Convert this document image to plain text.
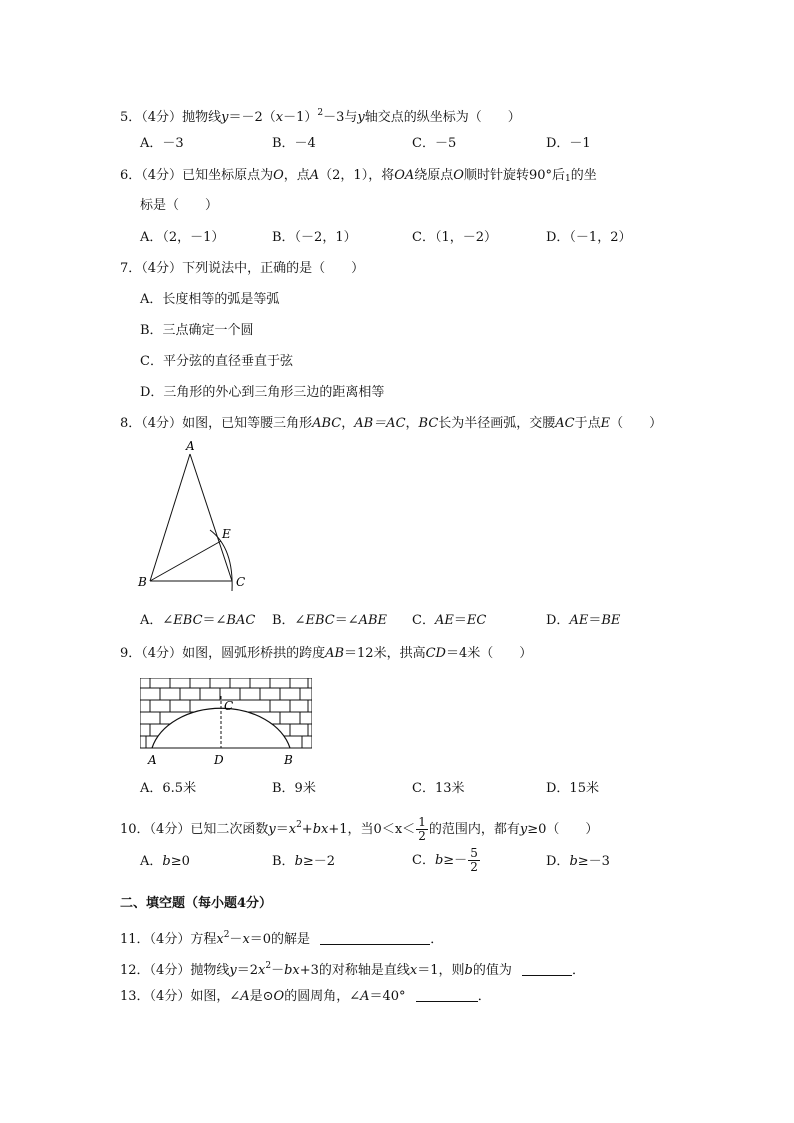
5．（4分）抛物线$y=-2(x-1)^2-3$与y轴交点的纵坐标为（　　）
A．－3	B．－4	C．－5	D．－1
6．（4分）已知坐标原点为O，点A（2，1），将OA绕原点O顺时针旋转90°后$_1$的坐
标是（　　）
A．（2，－1）	B．（－2，1）	C．（1，－2）	D．（－1，2）
7．（4分）下列说法中，正确的是（　　）
A．长度相等的弧是等弧
B．三点确定一个圆
C．平分弦的直径垂直于弦
D．三角形的外心到三角形三边的距离相等
8．（4分）如图，已知等腰三角形ABC，AB＝AC，BC长为半径画弧，交腰AC于点E（　　）
A
B	C
E
A．∠EBC＝∠BAC B．∠EBC＝∠ABE C．AE＝EC	D．AE＝BE
9．（4分）如图，圆弧形桥拱的跨度AB＝12米，拱高CD＝4米（　　）
C
A	D	B
A．6.5米	B．9米	C．13米	D．15米
10．（4分）已知二次函数$y=x^2+bx+1$，当$0<x< \frac{1}{2}$ 的范围内，都有y≥0（　　）
A．b≥0	B．b≥－2	C．$b\ge- \frac{5}{2}$	D．b≥－3
二、填空题（每小题4分）
11．（4分）方程$x^2-x=0$的解是	．
12．（4分）抛物线$y=2x^2-bx+3$的对称轴是直线x＝1，则b的值为	．
13．（4分）如图，∠A是⊙O的圆周角，∠A＝40°	．
